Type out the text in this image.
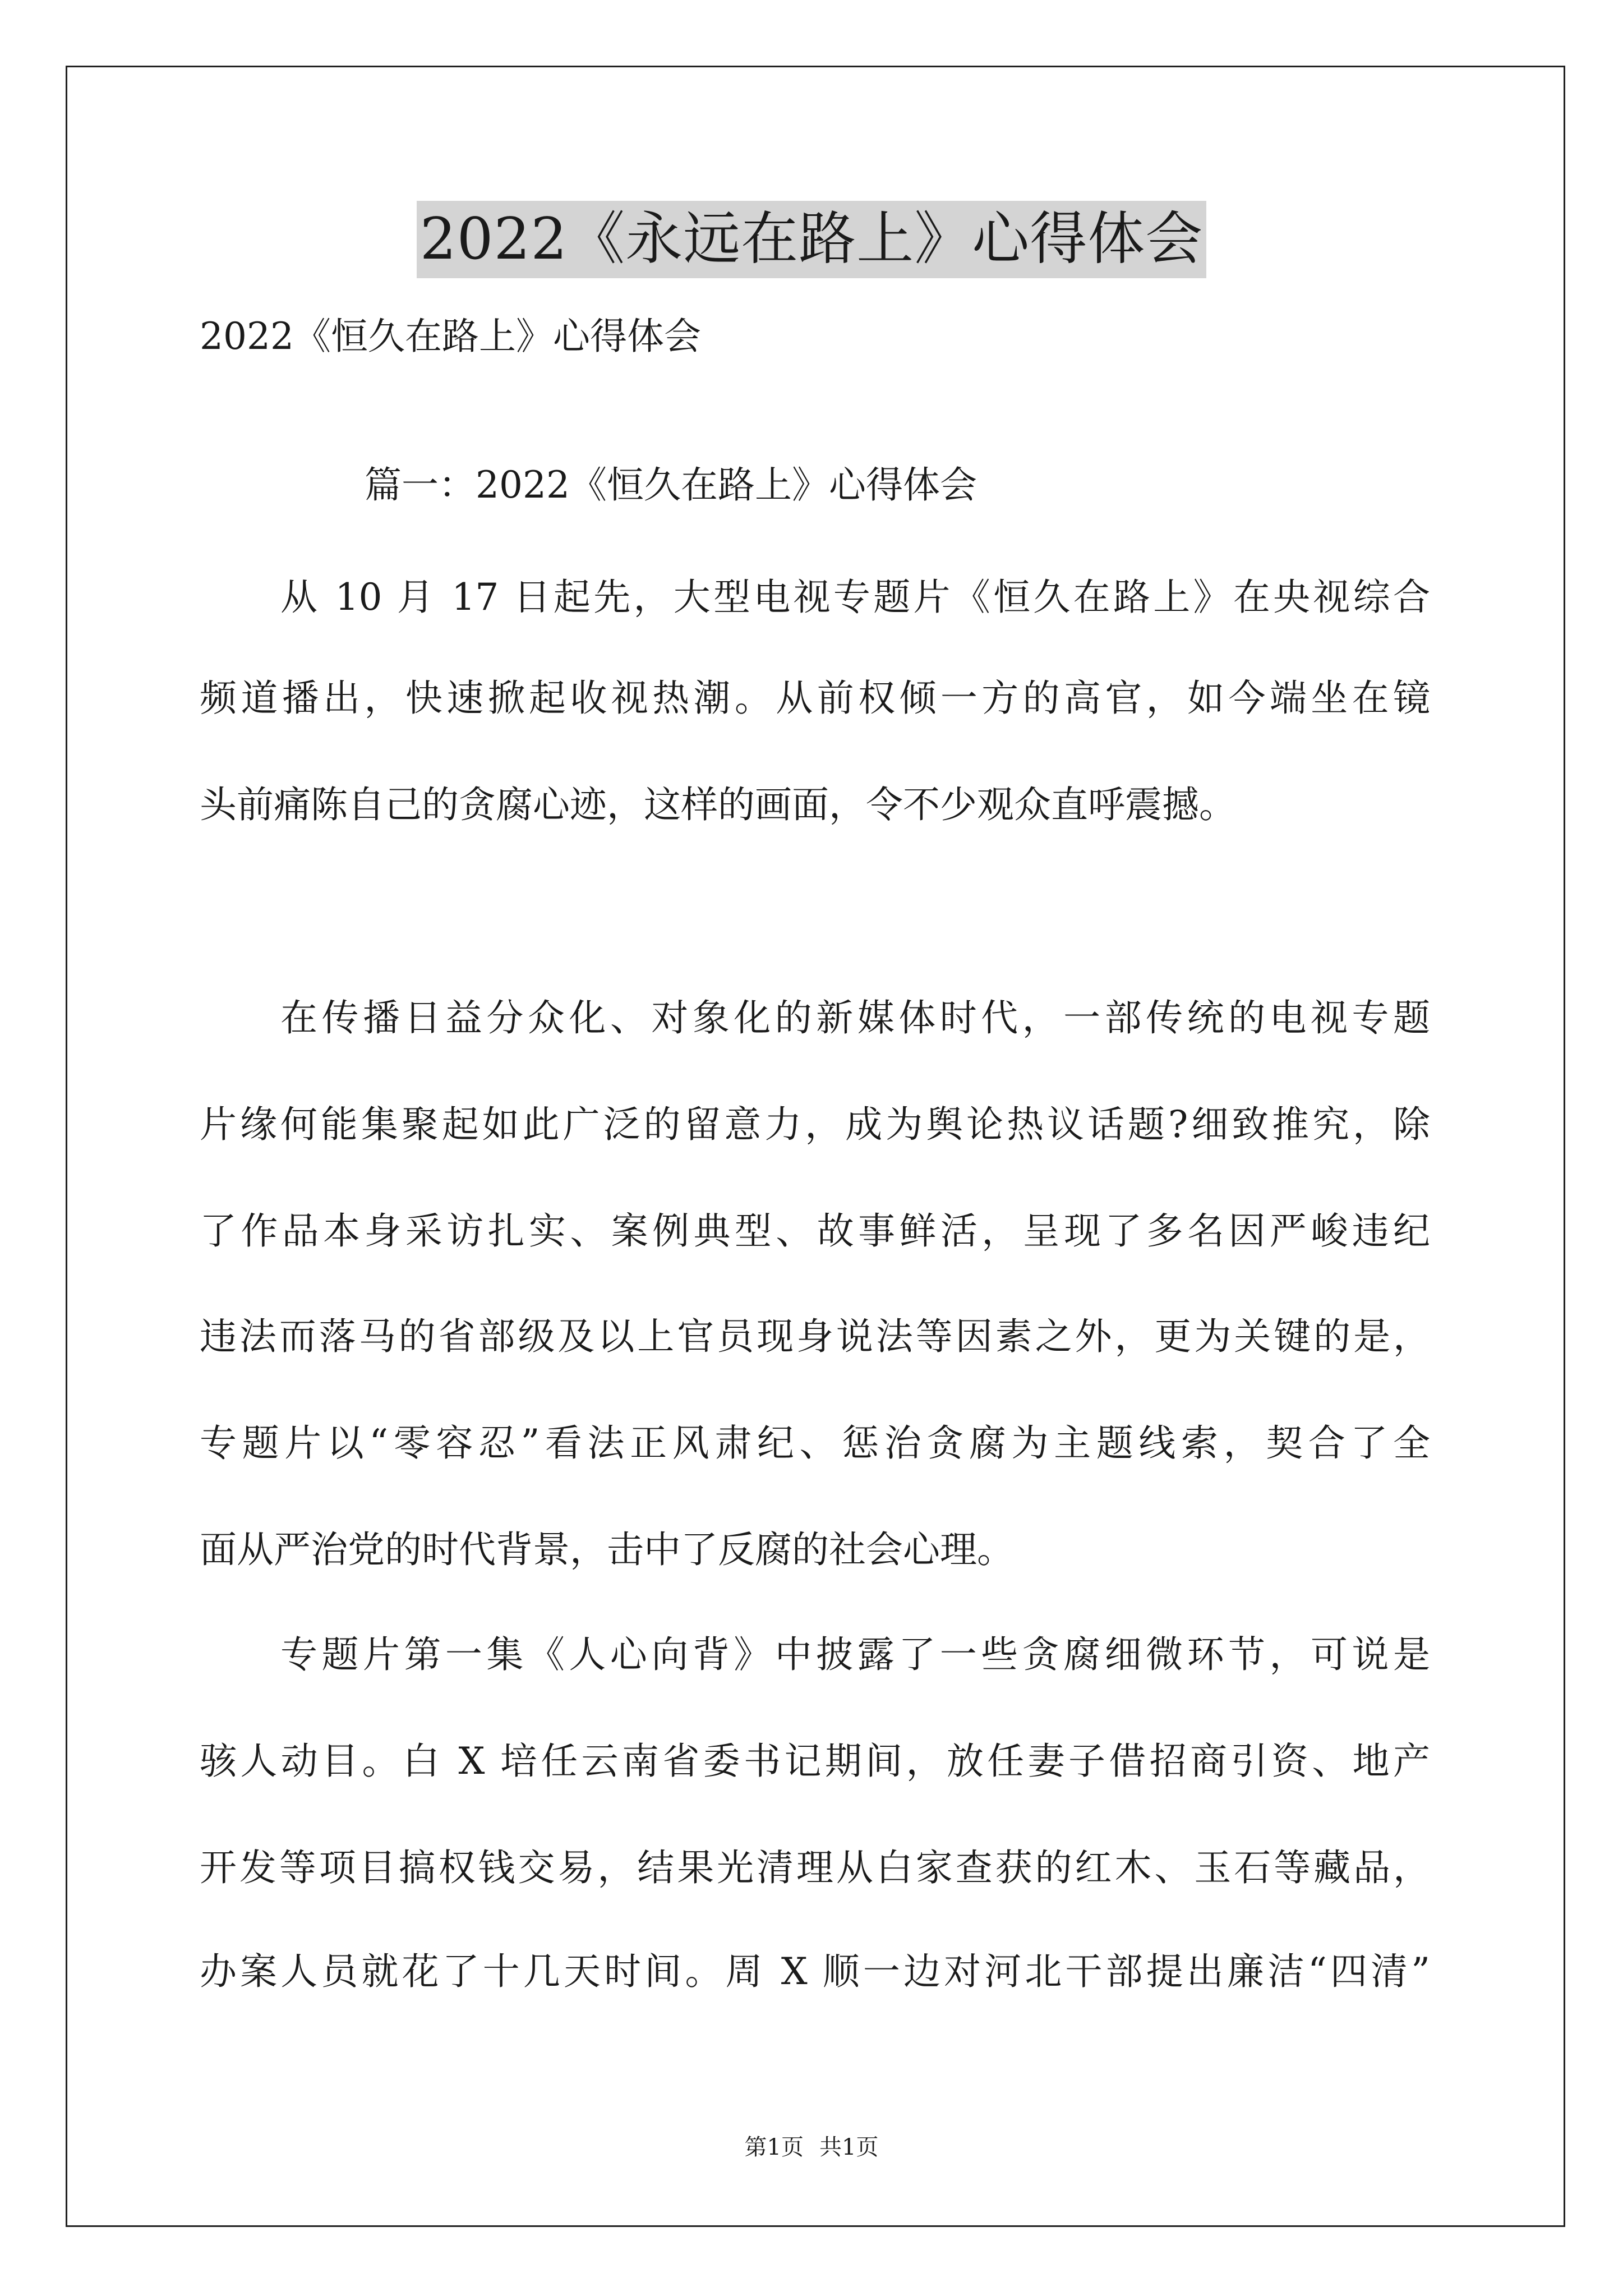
2022《永远在路上》心得体会
2022《恒久在路上》心得体会
篇一：2022《恒久在路上》心得体会
从 10 月 17 日起先，大型电视专题片《恒久在路上》在央视综合
频道播出，快速掀起收视热潮。从前权倾一方的高官，如今端坐在镜
头前痛陈自己的贪腐心迹，这样的画面，令不少观众直呼震撼。
在传播日益分众化、对象化的新媒体时代，一部传统的电视专题
片缘何能集聚起如此广泛的留意力，成为舆论热议话题?细致推究，除
了作品本身采访扎实、案例典型、故事鲜活，呈现了多名因严峻违纪
违法而落马的省部级及以上官员现身说法等因素之外，更为关键的是，
专题片以“零容忍”看法正风肃纪、惩治贪腐为主题线索，契合了全
面从严治党的时代背景，击中了反腐的社会心理。
专题片第一集《人心向背》中披露了一些贪腐细微环节，可说是
骇人动目。白 X 培任云南省委书记期间，放任妻子借招商引资、地产
开发等项目搞权钱交易，结果光清理从白家查获的红木、玉石等藏品，
办案人员就花了十几天时间。周 X 顺一边对河北干部提出廉洁“四清”
第1页 共1页
